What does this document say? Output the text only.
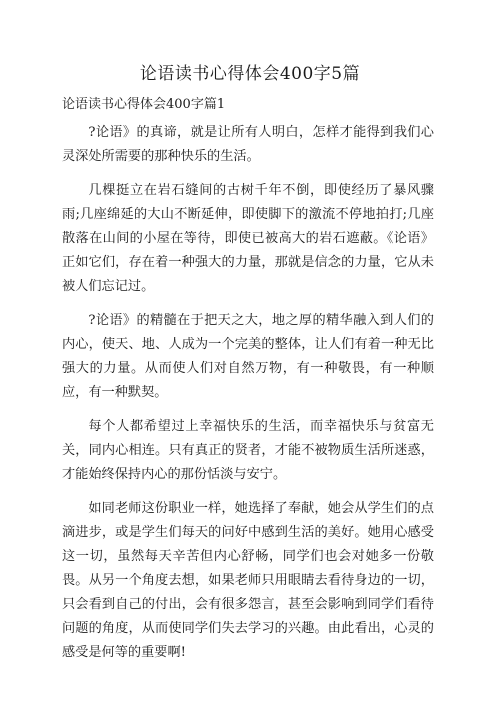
论语读书心得体会400字5篇
论语读书心得体会400字篇1

?论语》的真谛，就是让所有人明白，怎样才能得到我们心灵深处所需要的那种快乐的生活。

几棵挺立在岩石缝间的古树千年不倒，即使经历了暴风骤雨;几座绵延的大山不断延伸，即使脚下的激流不停地拍打;几座散落在山间的小屋在等待，即使已被高大的岩石遮蔽。《论语》正如它们，存在着一种强大的力量，那就是信念的力量，它从未被人们忘记过。

?论语》的精髓在于把天之大，地之厚的精华融入到人们的内心，使天、地、人成为一个完美的整体，让人们有着一种无比强大的力量。从而使人们对自然万物，有一种敬畏，有一种顺应，有一种默契。

每个人都希望过上幸福快乐的生活，而幸福快乐与贫富无关，同内心相连。只有真正的贤者，才能不被物质生活所迷惑，才能始终保持内心的那份恬淡与安宁。

如同老师这份职业一样，她选择了奉献，她会从学生们的点滴进步，或是学生们每天的问好中感到生活的美好。她用心感受这一切，虽然每天辛苦但内心舒畅，同学们也会对她多一份敬畏。从另一个角度去想，如果老师只用眼睛去看待身边的一切，只会看到自己的付出，会有很多怨言，甚至会影响到同学们看待问题的角度，从而使同学们失去学习的兴趣。由此看出，心灵的感受是何等的重要啊!
